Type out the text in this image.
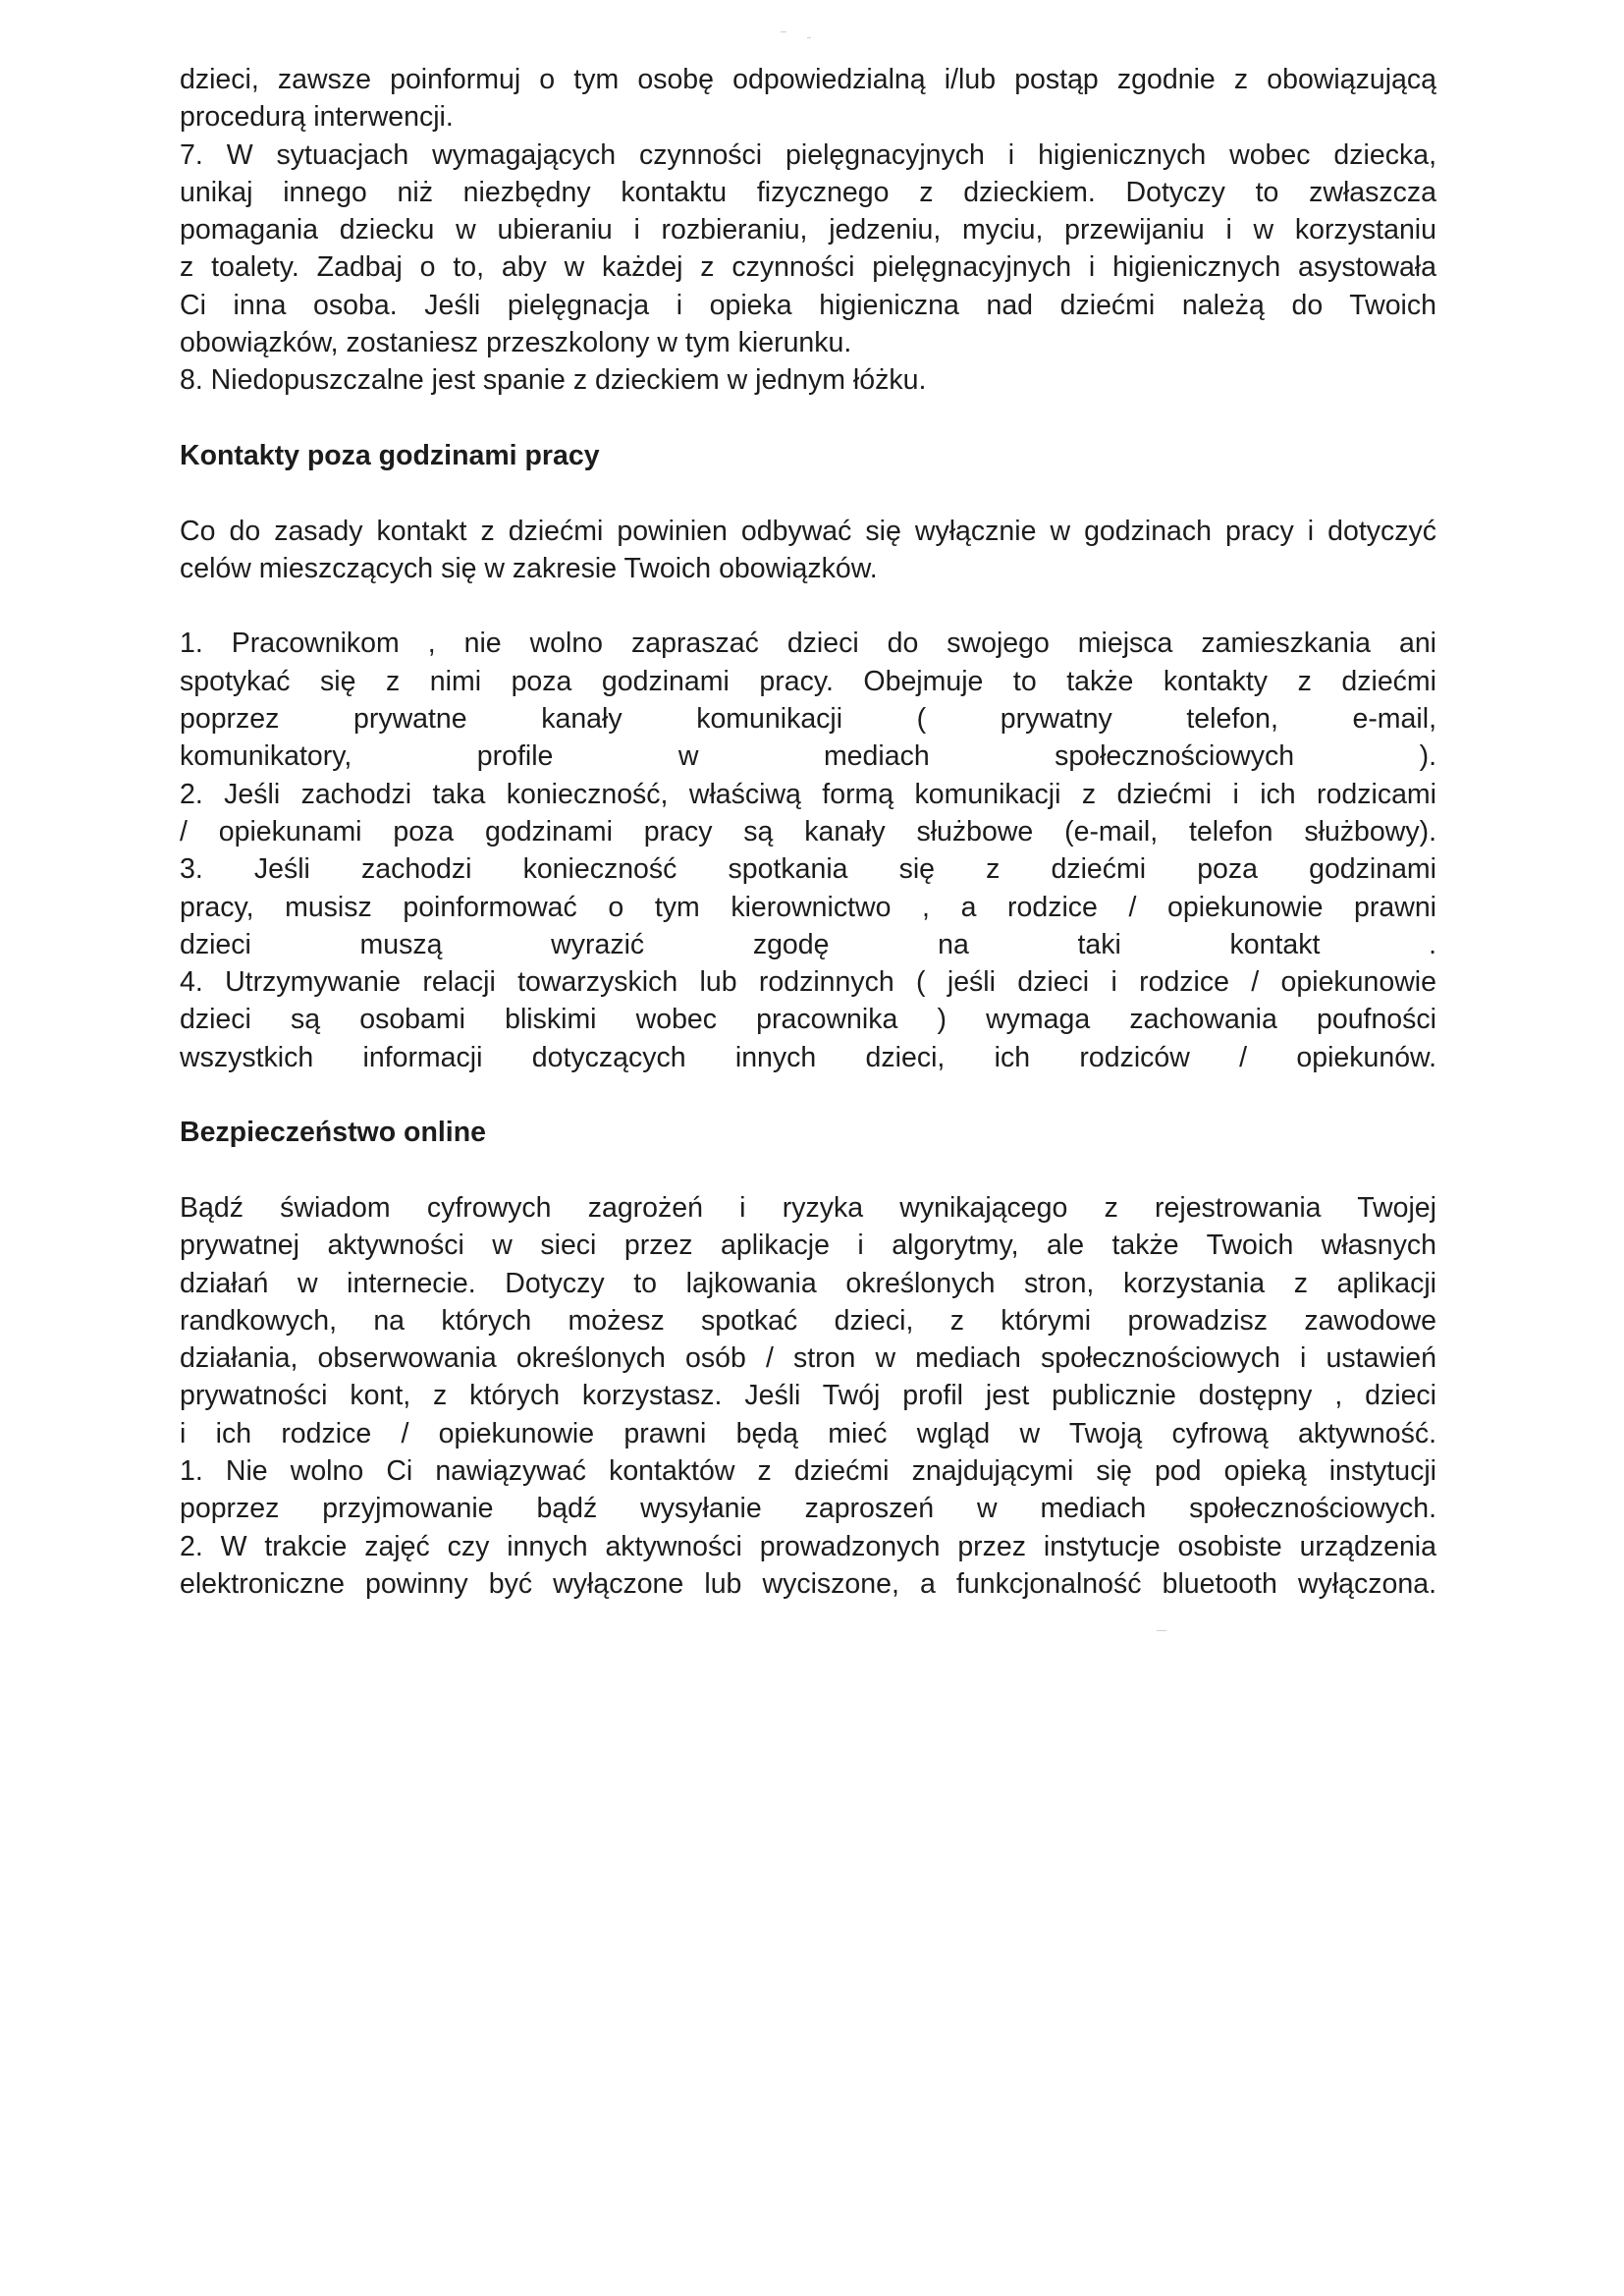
dzieci, zawsze poinformuj o tym osobę odpowiedzialną i/lub postąp zgodnie z obowiązującą

procedurą interwencji.

7. W sytuacjach wymagających czynności pielęgnacyjnych i higienicznych wobec dziecka,

unikaj innego niż niezbędny kontaktu fizycznego z dzieckiem. Dotyczy to zwłaszcza

pomagania dziecku w ubieraniu i rozbieraniu, jedzeniu, myciu, przewijaniu i w korzystaniu

z toalety. Zadbaj o to, aby w każdej z czynności pielęgnacyjnych i higienicznych asystowała

Ci inna osoba. Jeśli pielęgnacja i opieka higieniczna nad dziećmi należą do Twoich

obowiązków, zostaniesz przeszkolony w tym kierunku.

8. Niedopuszczalne jest spanie z dzieckiem w jednym łóżku.

Kontakty poza godzinami pracy

Co do zasady kontakt z dziećmi powinien odbywać się wyłącznie w godzinach pracy i dotyczyć

celów mieszczących się w zakresie Twoich obowiązków.

1. Pracownikom , nie wolno zapraszać dzieci do swojego miejsca zamieszkania ani

spotykać się z nimi poza godzinami pracy. Obejmuje to także kontakty z dziećmi

poprzez prywatne kanały komunikacji ( prywatny telefon, e-mail,

komunikatory, profile w mediach społecznościowych ).

2. Jeśli zachodzi taka konieczność, właściwą formą komunikacji z dziećmi i ich rodzicami

/ opiekunami poza godzinami pracy są kanały służbowe (e-mail, telefon służbowy).

3. Jeśli zachodzi konieczność spotkania się z dziećmi poza godzinami

pracy, musisz poinformować o tym kierownictwo , a rodzice / opiekunowie prawni

dzieci muszą wyrazić zgodę na taki kontakt .

4. Utrzymywanie relacji towarzyskich lub rodzinnych ( jeśli dzieci i rodzice / opiekunowie

dzieci są osobami bliskimi wobec pracownika ) wymaga zachowania poufności

wszystkich informacji dotyczących innych dzieci, ich rodziców / opiekunów.

Bezpieczeństwo online

Bądź świadom cyfrowych zagrożeń i ryzyka wynikającego z rejestrowania Twojej

prywatnej aktywności w sieci przez aplikacje i algorytmy, ale także Twoich własnych

działań w internecie. Dotyczy to lajkowania określonych stron, korzystania z aplikacji

randkowych, na których możesz spotkać dzieci, z którymi prowadzisz zawodowe

działania, obserwowania określonych osób / stron w mediach społecznościowych i ustawień

prywatności kont, z których korzystasz. Jeśli Twój profil jest publicznie dostępny , dzieci

i ich rodzice / opiekunowie prawni będą mieć wgląd w Twoją cyfrową aktywność.

1. Nie wolno Ci nawiązywać kontaktów z dziećmi znajdującymi się pod opieką instytucji

poprzez przyjmowanie bądź wysyłanie zaproszeń w mediach społecznościowych.

2. W trakcie zajęć czy innych aktywności prowadzonych przez instytucje osobiste urządzenia

elektroniczne powinny być wyłączone lub wyciszone, a funkcjonalność bluetooth wyłączona.
